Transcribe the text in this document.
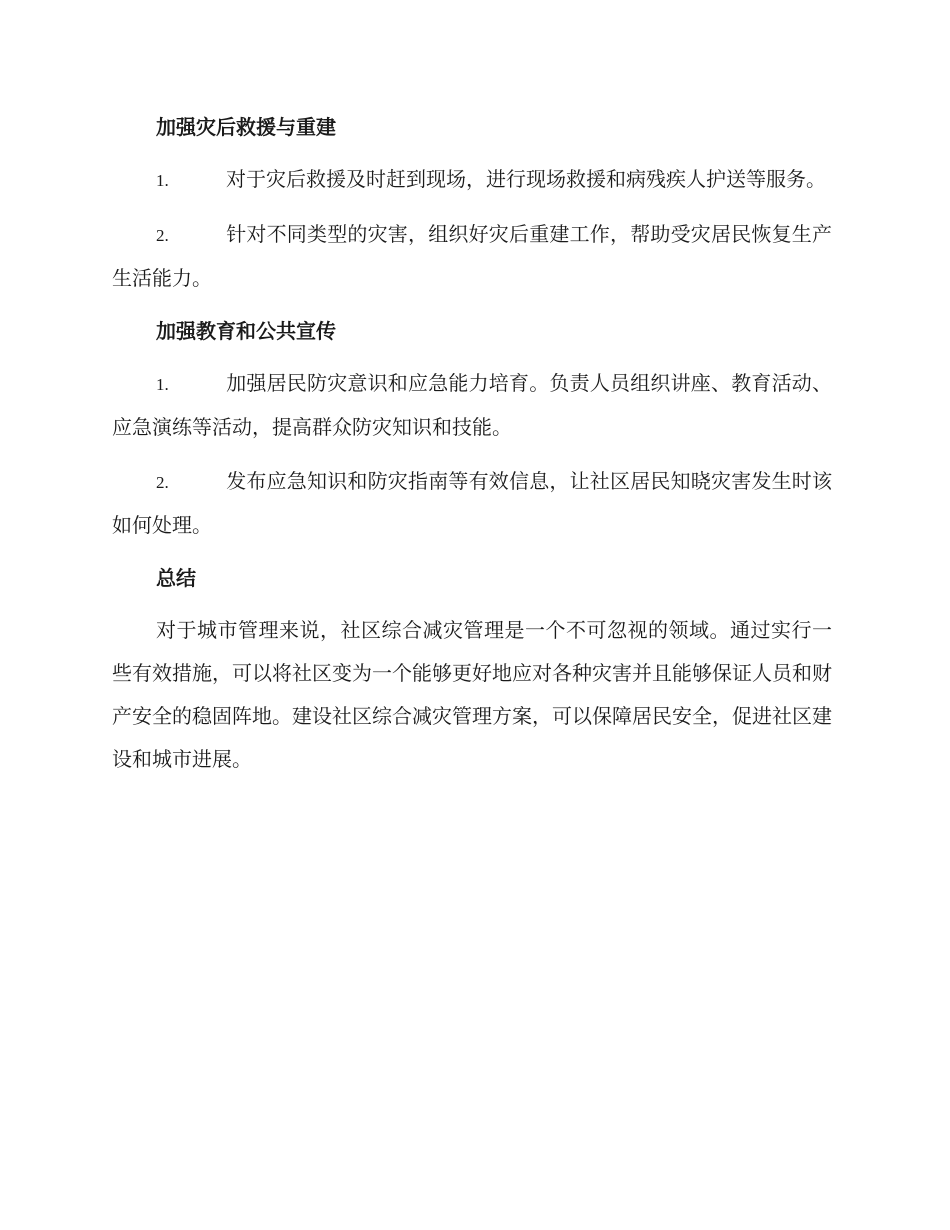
加强灾后救援与重建

1.	对于灾后救援及时赶到现场，进行现场救援和病残疾人护送等服务。

2.	针对不同类型的灾害，组织好灾后重建工作，帮助受灾居民恢复生产生活能力。

加强教育和公共宣传

1.	加强居民防灾意识和应急能力培育。负责人员组织讲座、教育活动、应急演练等活动，提高群众防灾知识和技能。

2.	发布应急知识和防灾指南等有效信息，让社区居民知晓灾害发生时该如何处理。

总结

对于城市管理来说，社区综合减灾管理是一个不可忽视的领域。通过实行一些有效措施，可以将社区变为一个能够更好地应对各种灾害并且能够保证人员和财产安全的稳固阵地。建设社区综合减灾管理方案，可以保障居民安全，促进社区建设和城市进展。
